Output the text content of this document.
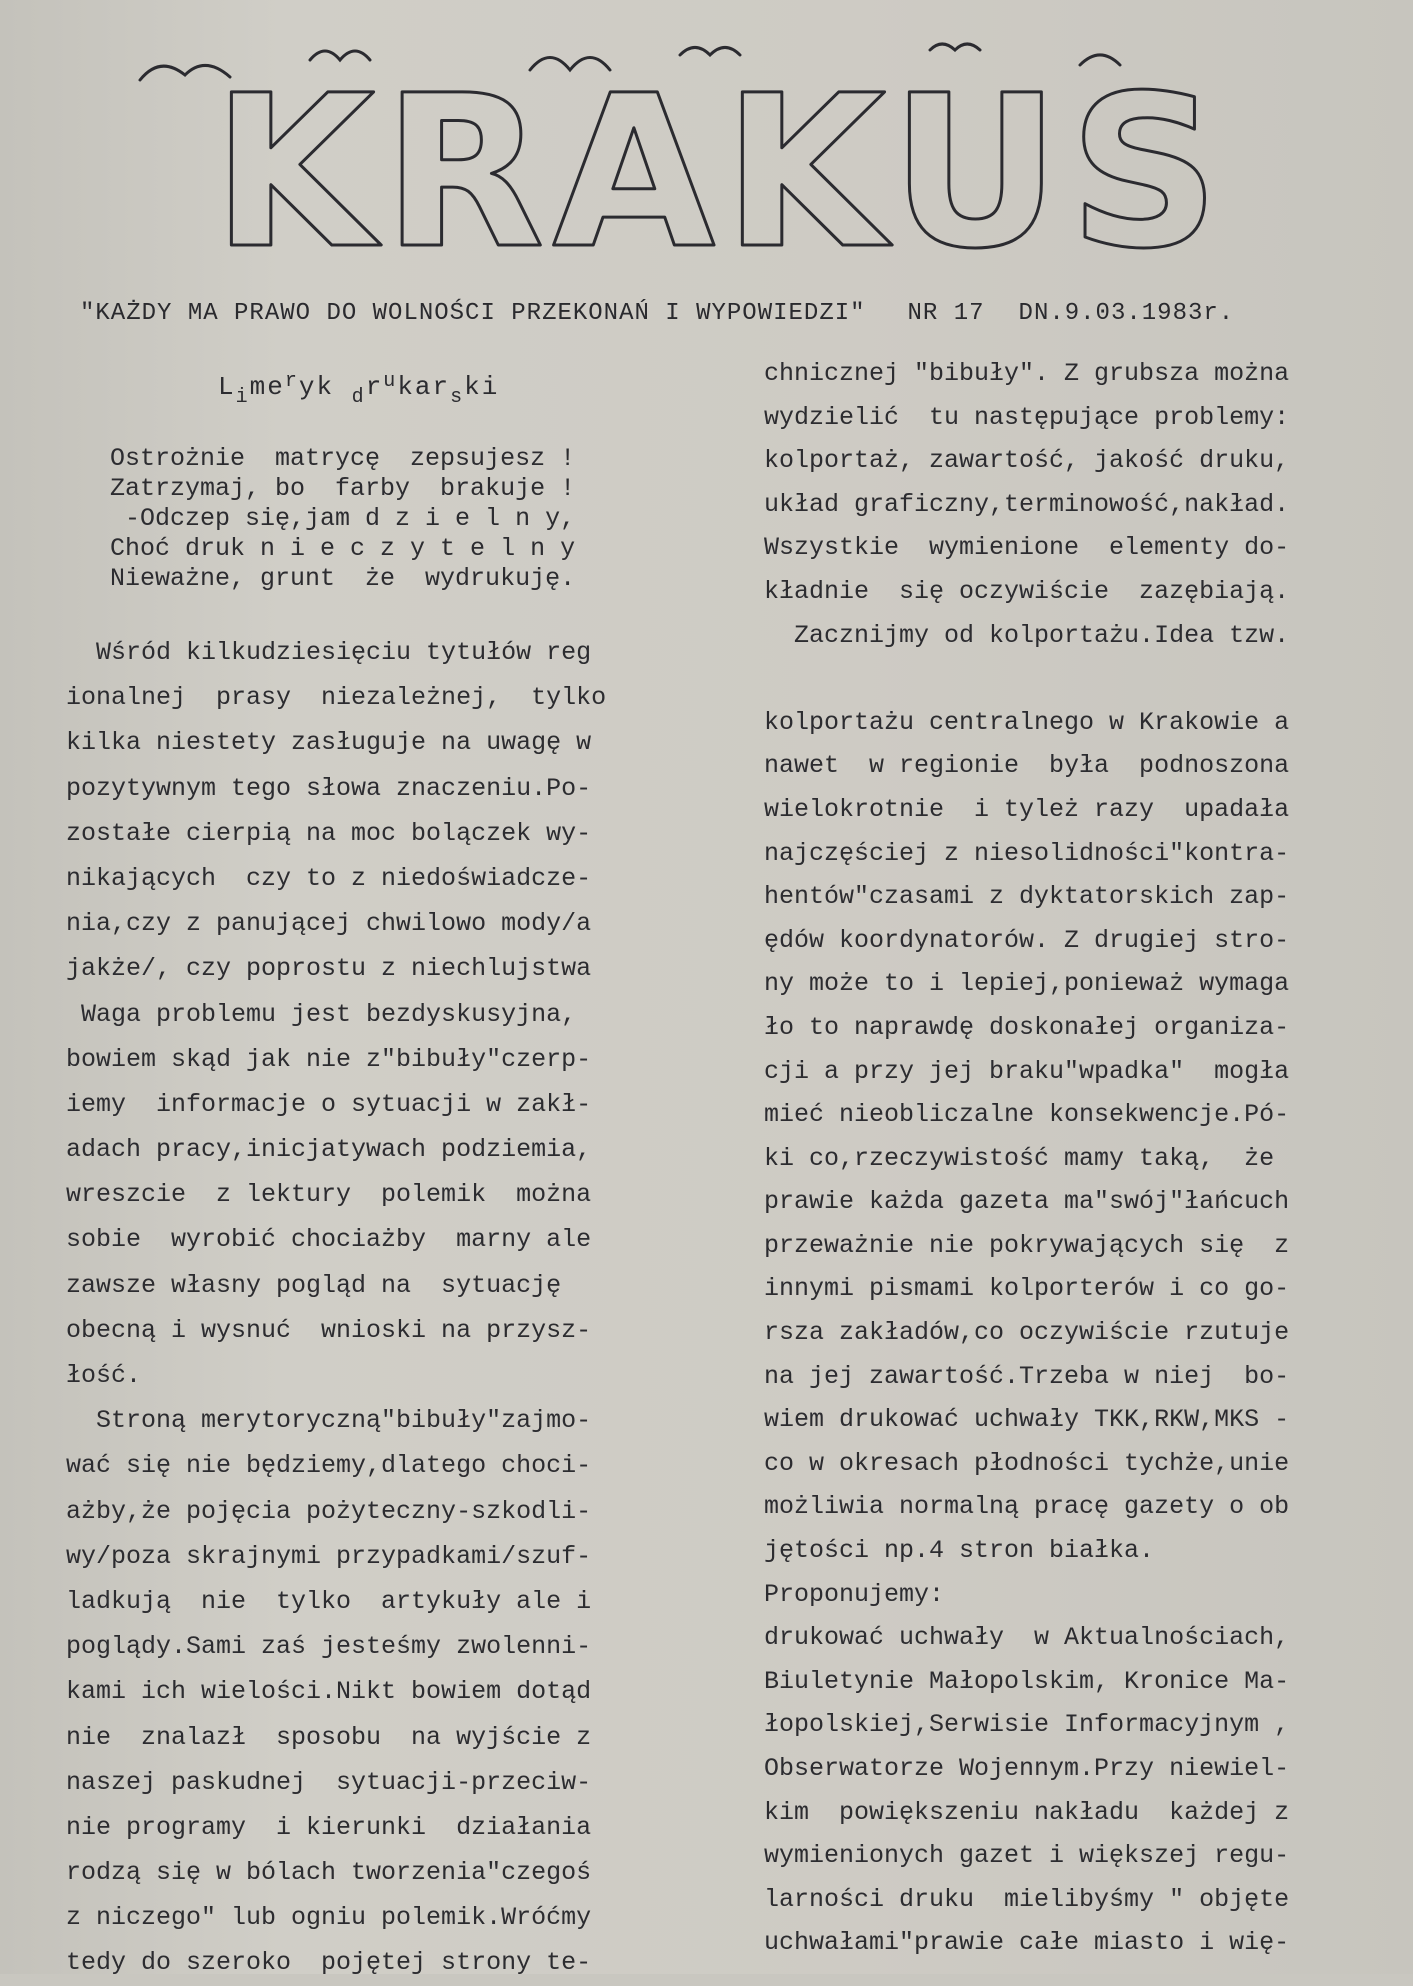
KRAKUS
"KAŻDY MA PRAWO DO WOLNOŚCI PRZEKONAŃ I WYPOWIEDZI" NR 17 DN.9.03.1983r.
$L_ime^ryk$ $_dr^ukar_ski$
Ostrożnie  matrycę  zepsujesz !
Zatrzymaj, bo  farby  brakuje !
-Odczep się,jam d z i e l n y,
Choć druk n i e c z y t e l n y
Nieważne, grunt  że  wydrukuję.
Wśród kilkudziesięciu tytułów reg
ionalnej  prasy  niezależnej,  tylko
kilka niestety zasługuje na uwagę w
pozytywnym tego słowa znaczeniu.Po-
zostałe cierpią na moc bolączek wy-
nikających  czy to z niedoświadcze-
nia,czy z panującej chwilowo mody/a
jakże/, czy poprostu z niechlujstwa
Waga problemu jest bezdyskusyjna,
bowiem skąd jak nie z"bibuły"czerp-
iemy  informacje o sytuacji w zakł-
adach pracy,inicjatywach podziemia,
wreszcie  z lektury  polemik  można
sobie  wyrobić chociażby  marny ale
zawsze własny pogląd na  sytuację
obecną i wysnuć  wnioski na przysz-
łość.
Stroną merytoryczną"bibuły"zajmo-
wać się nie będziemy,dlatego choci-
ażby,że pojęcia pożyteczny-szkodli-
wy/poza skrajnymi przypadkami/szuf-
ladkują  nie  tylko  artykuły ale i
poglądy.Sami zaś jesteśmy zwolenni-
kami ich wielości.Nikt bowiem dotąd
nie  znalazł  sposobu  na wyjście z
naszej paskudnej  sytuacji-przeciw-
nie programy  i kierunki  działania
rodzą się w bólach tworzenia"czegoś
z niczego" lub ogniu polemik.Wróćmy
tedy do szeroko  pojętej strony te-
chnicznej "bibuły". Z grubsza można
wydzielić  tu następujące problemy:
kolportaż, zawartość, jakość druku,
układ graficzny,terminowość,nakład.
Wszystkie  wymienione  elementy do-
kładnie  się oczywiście  zazębiają.
Zacznijmy od kolportażu.Idea tzw.
kolportażu centralnego w Krakowie a
nawet  w regionie  była  podnoszona
wielokrotnie  i tyleż razy  upadała
najczęściej z niesolidności"kontra-
hentów"czasami z dyktatorskich zap-
ędów koordynatorów. Z drugiej stro-
ny może to i lepiej,ponieważ wymaga
ło to naprawdę doskonałej organiza-
cji a przy jej braku"wpadka"  mogła
mieć nieobliczalne konsekwencje.Pó-
ki co,rzeczywistość mamy taką,  że
prawie każda gazeta ma"swój"łańcuch
przeważnie nie pokrywających się  z
innymi pismami kolporterów i co go-
rsza zakładów,co oczywiście rzutuje
na jej zawartość.Trzeba w niej  bo-
wiem drukować uchwały TKK,RKW,MKS -
co w okresach płodności tychże,unie
możliwia normalną pracę gazety o ob
jętości np.4 stron białka.
Proponujemy:
drukować uchwały  w Aktualnościach,
Biuletynie Małopolskim, Kronice Ma-
łopolskiej,Serwisie Informacyjnym ,
Obserwatorze Wojennym.Przy niewiel-
kim  powiększeniu nakładu  każdej z
wymienionych gazet i większej regu-
larności druku  mielibyśmy " objęte
uchwałami"prawie całe miasto i wię-
